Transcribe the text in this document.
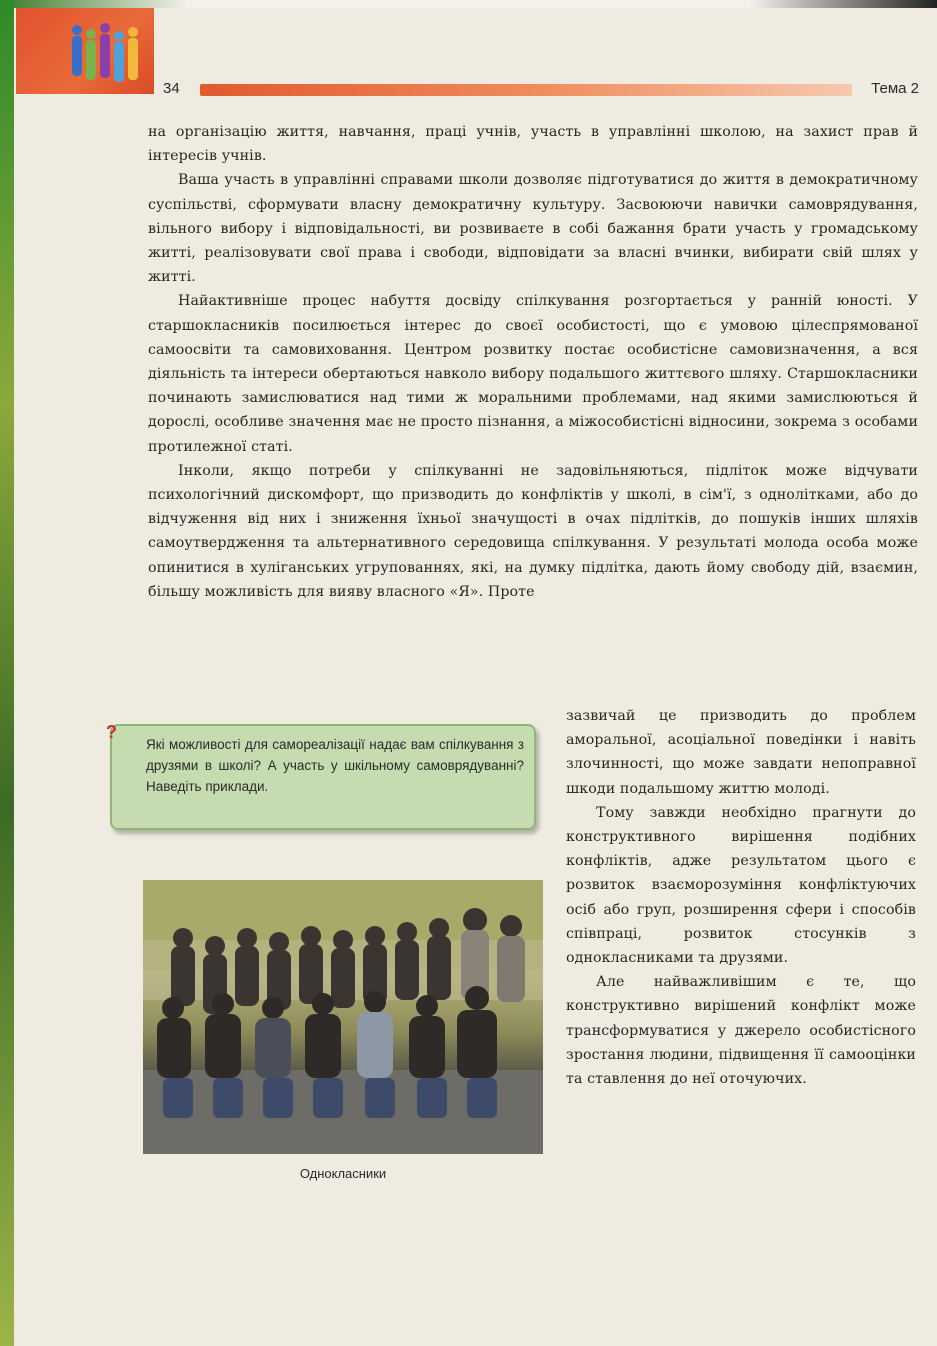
34	Тема 2

на організацію життя, навчання, праці учнів, участь в управлінні школою, на захист прав й інтересів учнів.

Ваша участь в управлінні справами школи дозволяє підготуватися до життя в демократичному суспільстві, сформувати власну демократичну культуру. Засвоюючи навички самоврядування, вільного вибору і відповідальності, ви розвиваєте в собі бажання брати участь у громадському житті, реалізовувати свої права і свободи, відповідати за власні вчинки, вибирати свій шлях у житті.

Найактивніше процес набуття досвіду спілкування розгортається у ранній юності. У старшокласників посилюється інтерес до своєї особистості, що є умовою цілеспрямованої самоосвіти та самовиховання. Центром розвитку постає особистісне самовизначення, а вся діяльність та інтереси обертаються навколо вибору подальшого життєвого шляху. Старшокласники починають замислюватися над тими ж моральними проблемами, над якими замислюються й дорослі, особливе значення має не просто пізнання, а міжособистісні відносини, зокрема з особами протилежної статі.

Інколи, якщо потреби у спілкуванні не задовільняються, підліток може відчувати психологічний дискомфорт, що призводить до конфліктів у школі, в сім'ї, з однолітками, або до відчуження від них і зниження їхньої значущості в очах підлітків, до пошуків інших шляхів самоутвердження та альтернативного середовища спілкування. У результаті молода особа може опинитися в хуліганських угрупованнях, які, на думку підлітка, дають йому свободу дій, взаємин, більшу можливість для вияву власного «Я». Проте

?
Які можливості для самореалізації надає вам спілкування з друзями в школі? А участь у шкільному самоврядуванні? Наведіть приклади.

зазвичай це призводить до проблем аморальної, асоціальної поведінки і навіть злочинності, що може завдати непоправної шкоди подальшому життю молоді.

Тому завжди необхідно прагнути до конструктивного вирішення подібних конфліктів, адже результатом цього є розвиток взаєморозуміння конфліктуючих осіб або груп, розширення сфери і способів співпраці, розвиток стосунків з однокласниками та друзями.

Але найважливішим є те, що конструктивно вирішений конфлікт може трансформуватися у джерело особистісного зростання людини, підвищення її самооцінки та ставлення до неї оточуючих.

Однокласники
